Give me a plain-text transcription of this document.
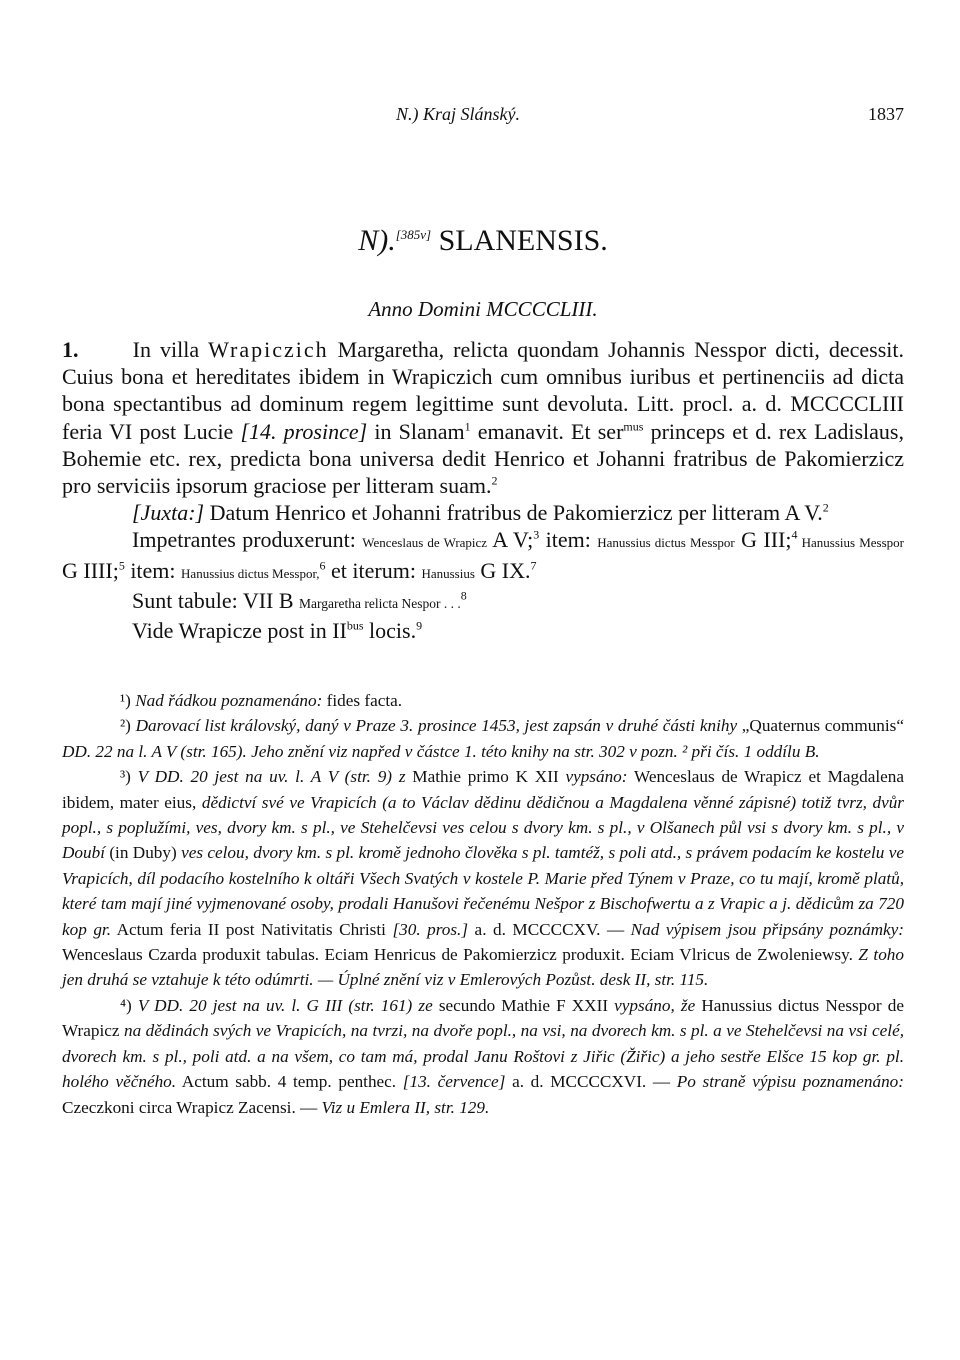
N.) Kraj Slánský.	1837
N).[385v] SLANENSIS.
Anno Domini MCCCCLIII.

1. In villa Wrapiczich Margaretha, relicta quondam Johannis Nesspor dicti, decessit. Cuius bona et hereditates ibidem in Wrapiczich cum omnibus iuribus et pertinenciis ad dicta bona spectantibus ad dominum regem legittime sunt devoluta. Litt. procl. a. d. MCCCCLIII feria VI post Lucie [14. prosince] in Slanam$^1$ emanavit. Et ser$^{mus}$ princeps et d. rex Ladislaus, Bohemie etc. rex, predicta bona universa dedit Henrico et Johanni fratribus de Pakomierzicz pro serviciis ipsorum graciose per litteram suam.$^2$

[Juxta:] Datum Henrico et Johanni fratribus de Pakomierzicz per litteram A V.$^2$

Impetrantes produxerunt: Wenceslaus de Wrapicz A V;$^3$ item: Hanussius dictus Messpor G III;$^4$ Hanussius Messpor G IIII;$^5$ item: Hanussius dictus Messpor,$^6$ et iterum: Hanussius G IX.$^7$

Sunt tabule: VII B Margaretha relicta Nespor . . .$^8$

Vide Wrapicze post in $II^{bus}$ locis.$^9$

¹) Nad řádkou poznamenáno: fides facta.

²) Darovací list královský, daný v Praze 3. prosince 1453, jest zapsán v druhé části knihy „Quaternus communis“ DD. 22 na l. A V (str. 165). Jeho znění viz napřed v částce 1. této knihy na str. 302 v pozn. ² při čís. 1 oddílu B.

³) V DD. 20 jest na uv. l. A V (str. 9) z Mathie primo K XII vypsáno: Wenceslaus de Wrapicz et Magdalena ibidem, mater eius, dědictví své ve Vrapicích (a to Václav dědinu dědičnou a Magdalena věnné zápisné) totiž tvrz, dvůr popl., s poplužími, ves, dvory km. s pl., ve Stehelčevsi ves celou s dvory km. s pl., v Olšanech půl vsi s dvory km. s pl., v Doubí (in Duby) ves celou, dvory km. s pl. kromě jednoho člověka s pl. tamtéž, s poli atd., s právem podacím ke kostelu ve Vrapicích, díl podacího kostelního k oltáři Všech Svatých v kostele P. Marie před Týnem v Praze, co tu mají, kromě platů, které tam mají jiné vyjmenované osoby, prodali Hanušovi řečenému Nešpor z Bischofwertu a z Vrapic a j. dědicům za 720 kop gr. Actum feria II post Nativitatis Christi [30. pros.] a. d. MCCCCXV. — Nad výpisem jsou připsány poznámky: Wenceslaus Czarda produxit tabulas. Eciam Henricus de Pakomierzicz produxit. Eciam Vlricus de Zwoleniewsy. Z toho jen druhá se vztahuje k této odúmrti. — Úplné znění viz v Emlerových Pozůst. desk II, str. 115.

⁴) V DD. 20 jest na uv. l. G III (str. 161) ze secundo Mathie F XXII vypsáno, že Hanussius dictus Nesspor de Wrapicz na dědinách svých ve Vrapicích, na tvrzi, na dvoře popl., na vsi, na dvorech km. s pl. a ve Stehelčevsi na vsi celé, dvorech km. s pl., poli atd. a na všem, co tam má, prodal Janu Roštovi z Jiřic (Žiřic) a jeho sestře Elšce 15 kop gr. pl. holého věčného. Actum sabb. 4 temp. penthec. [13. července] a. d. MCCCCXVI. — Po straně výpisu poznamenáno: Czeczkoni circa Wrapicz Zacensi. — Viz u Emlera II, str. 129.
